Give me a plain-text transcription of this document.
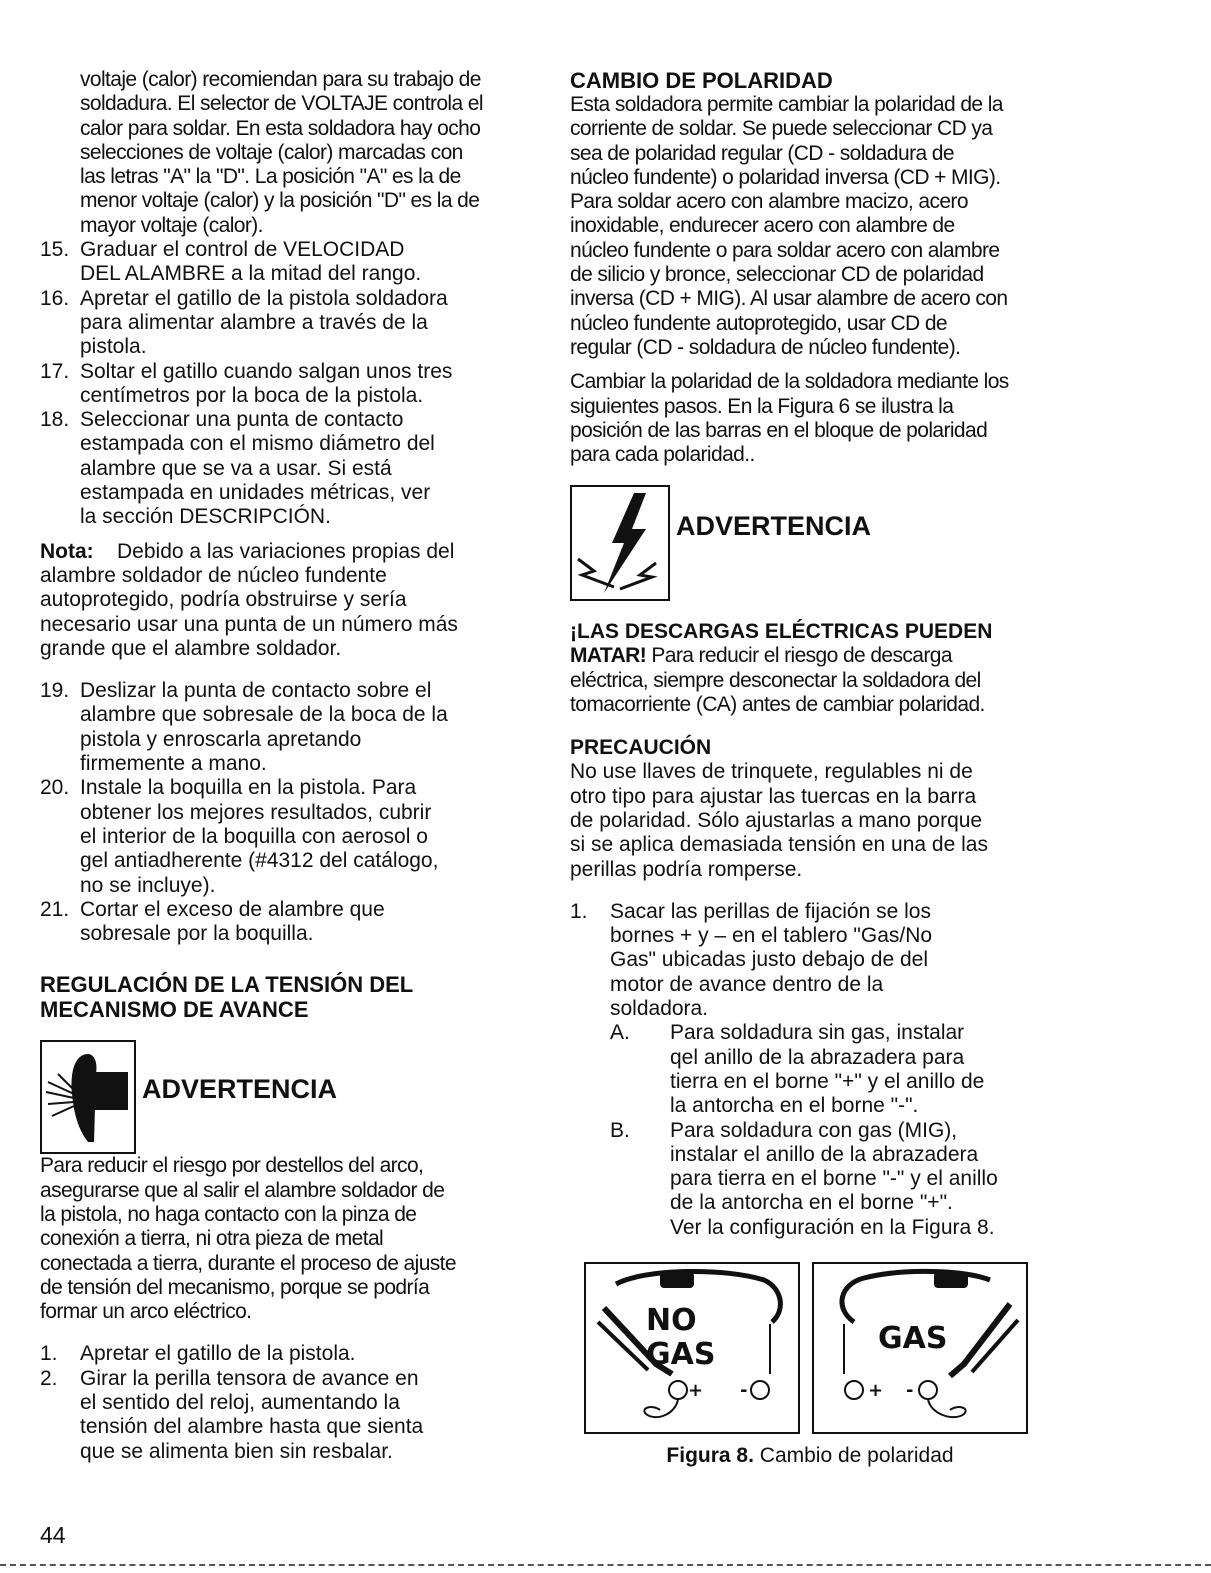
voltaje (calor) recomiendan para su trabajo de

soldadura. El selector de VOLTAJE controla el

calor para soldar. En esta soldadora hay ocho

selecciones de voltaje (calor) marcadas con

las letras "A" la "D". La posición "A" es la de

menor voltaje (calor) y la posición "D" es la de

mayor voltaje (calor).

15. Graduar el control de VELOCIDAD

DEL ALAMBRE a la mitad del rango.

16. Apretar el gatillo de la pistola soldadora

para alimentar alambre a través de la

pistola.

17. Soltar el gatillo cuando salgan unos tres

centímetros por la boca de la pistola.

18. Seleccionar una punta de contacto

estampada con el mismo diámetro del

alambre que se va a usar. Si está

estampada en unidades métricas, ver

la sección DESCRIPCIÓN.

Nota: Debido a las variaciones propias del

alambre soldador de núcleo fundente

autoprotegido, podría obstruirse y sería

necesario usar una punta de un número más

grande que el alambre soldador.

19. Deslizar la punta de contacto sobre el

alambre que sobresale de la boca de la

pistola y enroscarla apretando

firmemente a mano.

20. Instale la boquilla en la pistola. Para

obtener los mejores resultados, cubrir

el interior de la boquilla con aerosol o

gel antiadherente (#4312 del catálogo,

no se incluye).

21. Cortar el exceso de alambre que

sobresale por la boquilla.

REGULACIÓN DE LA TENSIÓN DEL

MECANISMO DE AVANCE

ADVERTENCIA

Para reducir el riesgo por destellos del arco,

asegurarse que al salir el alambre soldador de

la pistola, no haga contacto con la pinza de

conexión a tierra, ni otra pieza de metal

conectada a tierra, durante el proceso de ajuste

de tensión del mecanismo, porque se podría

formar un arco eléctrico.

1. Apretar el gatillo de la pistola.

2. Girar la perilla tensora de avance en

el sentido del reloj, aumentando la

tensión del alambre hasta que sienta

que se alimenta bien sin resbalar.

CAMBIO DE POLARIDAD

Esta soldadora permite cambiar la polaridad de la

corriente de soldar. Se puede seleccionar CD ya

sea de polaridad regular (CD - soldadura de

núcleo fundente) o polaridad inversa (CD + MIG).

Para soldar acero con alambre macizo, acero

inoxidable, endurecer acero con alambre de

núcleo fundente o para soldar acero con alambre

de silicio y bronce, seleccionar CD de polaridad

inversa (CD + MIG). Al usar alambre de acero con

núcleo fundente autoprotegido, usar CD de

regular (CD - soldadura de núcleo fundente).

Cambiar la polaridad de la soldadora mediante los

siguientes pasos. En la Figura 6 se ilustra la

posición de las barras en el bloque de polaridad

para cada polaridad..

ADVERTENCIA

¡LAS DESCARGAS ELÉCTRICAS PUEDEN

MATAR! Para reducir el riesgo de descarga

eléctrica, siempre desconectar la soldadora del

tomacorriente (CA) antes de cambiar polaridad.

PRECAUCIÓN

No use llaves de trinquete, regulables ni de

otro tipo para ajustar las tuercas en la barra

de polaridad. Sólo ajustarlas a mano porque

si se aplica demasiada tensión en una de las

perillas podría romperse.

1. Sacar las perillas de fijación se los

bornes + y – en el tablero "Gas/No

Gas" ubicadas justo debajo de del

motor de avance dentro de la

soldadora.

A. Para soldadura sin gas, instalar

qel anillo de la abrazadera para

tierra en el borne "+" y el anillo de

la antorcha en el borne "-".

B. Para soldadura con gas (MIG),

instalar el anillo de la abrazadera

para tierra en el borne "-" y el anillo

de la antorcha en el borne "+".

Ver la configuración en la Figura 8.

NO
GAS
+ -
GAS
+ -
Figura 8. Cambio de polaridad
44
